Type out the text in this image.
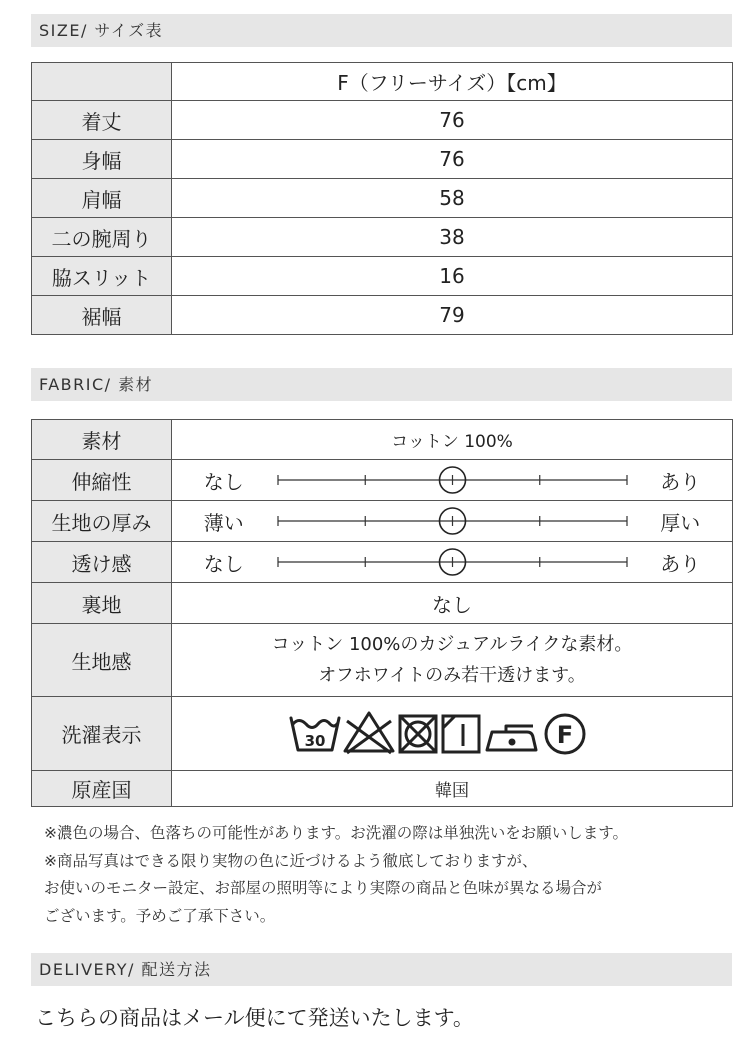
SIZE/ サイズ表
	F（フリーサイズ）【cm】
着丈	76
身幅	76
肩幅	58
二の腕周り	38
脇スリット	16
裾幅	79
FABRIC/ 素材
素材	コットン 100%
伸縮性	なし あり

生地の厚み	薄い 厚い

透け感	なし あり

裏地	なし
生地感	コットン 100%のカジュアルライクな素材。
オフホワイトのみ若干透けます。

洗濯表示	30 F

原産国	韓国
※濃色の場合、色落ちの可能性があります。お洗濯の際は単独洗いをお願いします。
※商品写真はできる限り実物の色に近づけるよう徹底しておりますが、
お使いのモニター設定、お部屋の照明等により実際の商品と色味が異なる場合が
ございます。予めご了承下さい。
DELIVERY/ 配送方法
こちらの商品はメール便にて発送いたします。
